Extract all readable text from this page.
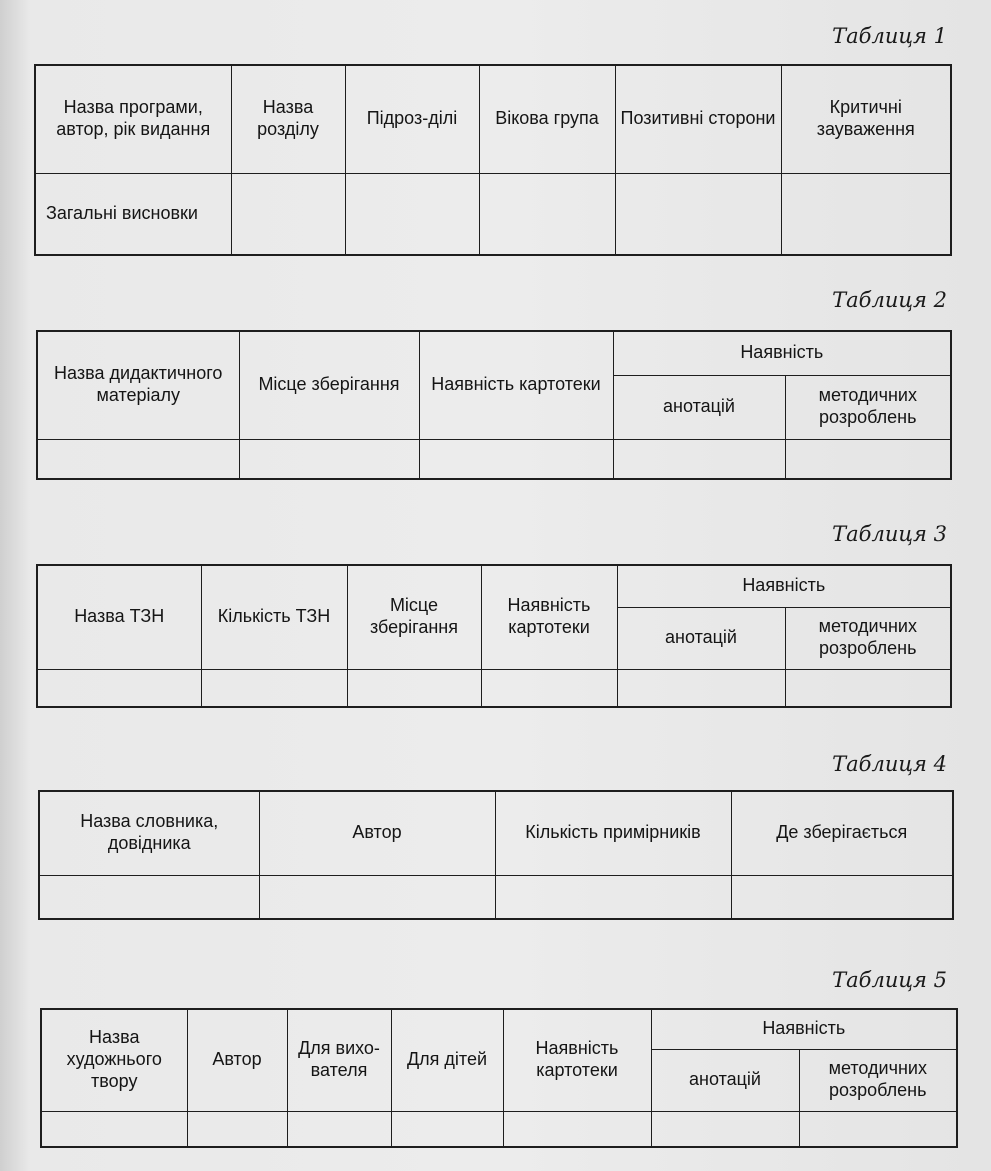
Таблиця 1
Назва програми, автор, рік видання	Назва розділу	Підроз-ділі	Вікова група	Позитивні сторони	Критичні зауваження
Загальні висновки					
Таблиця 2
Назва дидактичного матеріалу	Місце зберігання	Наявність картотеки	Наявність	
			анотацій	методичних розроблень

Таблиця 3
Назва ТЗН	Кількість ТЗН	Місце зберігання	Наявність картотеки	Наявність	
				анотацій	методичних розроблень

Таблиця 4
Назва словника, довідника	Автор	Кількість примірників	Де зберігається

Таблиця 5
Назва художнього твору	Автор	Для вихо-вателя	Для дітей	Наявність картотеки	Наявність	
					анотацій	методичних розроблень
